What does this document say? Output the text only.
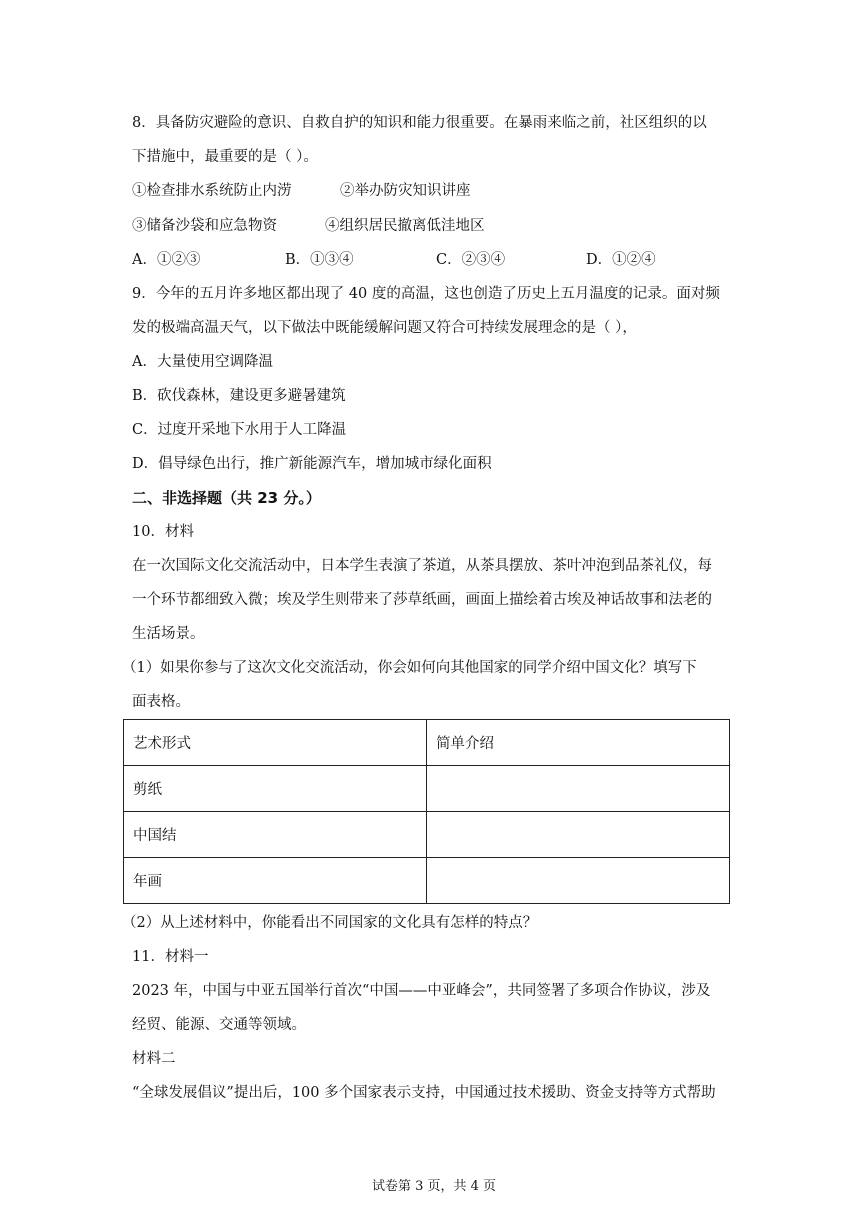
8．具备防灾避险的意识、自救自护的知识和能力很重要。在暴雨来临之前，社区组织的以
下措施中，最重要的是（ ）。
①检查排水系统防止内涝	②举办防灾知识讲座
③储备沙袋和应急物资	④组织居民撤离低洼地区
A．①②③	B．①③④	C．②③④	D．①②④
9．今年的五月许多地区都出现了 40 度的高温，这也创造了历史上五月温度的记录。面对频
发的极端高温天气，以下做法中既能缓解问题又符合可持续发展理念的是（ ），
A．大量使用空调降温
B．砍伐森林，建设更多避暑建筑
C．过度开采地下水用于人工降温
D．倡导绿色出行，推广新能源汽车，增加城市绿化面积
二、非选择题（共 23 分。）
10．材料
在一次国际文化交流活动中，日本学生表演了茶道，从茶具摆放、茶叶冲泡到品茶礼仪，每
一个环节都细致入微；埃及学生则带来了莎草纸画，画面上描绘着古埃及神话故事和法老的
生活场景。
（1）如果你参与了这次文化交流活动，你会如何向其他国家的同学介绍中国文化？填写下
面表格。
艺术形式	简单介绍
剪纸	
中国结	
年画	
（2）从上述材料中，你能看出不同国家的文化具有怎样的特点？
11．材料一
2023 年，中国与中亚五国举行首次“中国——中亚峰会”，共同签署了多项合作协议，涉及
经贸、能源、交通等领域。
材料二
“全球发展倡议”提出后，100 多个国家表示支持，中国通过技术援助、资金支持等方式帮助
试卷第 3 页，共 4 页
